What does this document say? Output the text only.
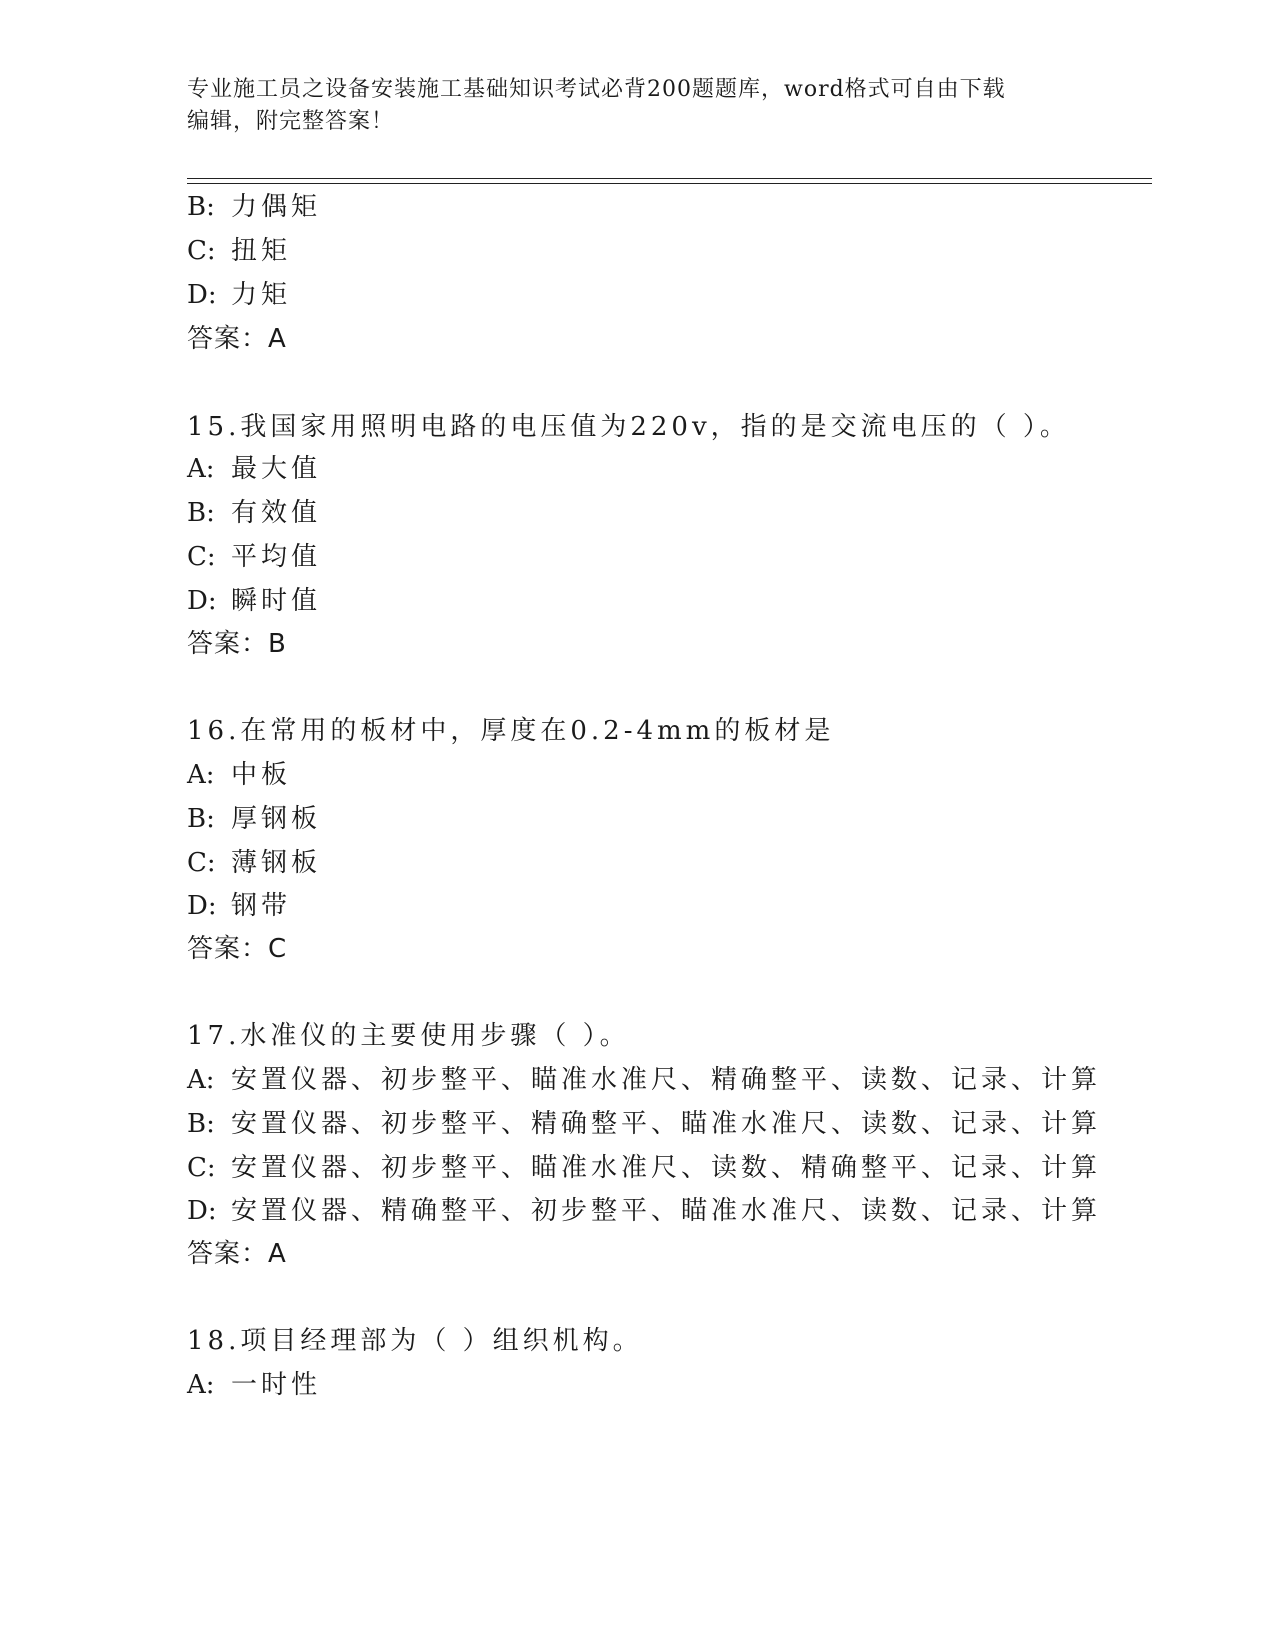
专业施工员之设备安装施工基础知识考试必背200题题库，word格式可自由下载
编辑，附完整答案！
B: 力偶矩
C: 扭矩
D: 力矩
答案：A
15.我国家用照明电路的电压值为220v，指的是交流电压的（ ）。
A: 最大值
B: 有效值
C: 平均值
D: 瞬时值
答案：B
16.在常用的板材中，厚度在0.2-4mm的板材是
A: 中板
B: 厚钢板
C: 薄钢板
D: 钢带
答案：C
17.水准仪的主要使用步骤（ ）。
A: 安置仪器、初步整平、瞄准水准尺、精确整平、读数、记录、计算
B: 安置仪器、初步整平、精确整平、瞄准水准尺、读数、记录、计算
C: 安置仪器、初步整平、瞄准水准尺、读数、精确整平、记录、计算
D: 安置仪器、精确整平、初步整平、瞄准水准尺、读数、记录、计算
答案：A
18.项目经理部为（ ）组织机构。
A: 一时性
